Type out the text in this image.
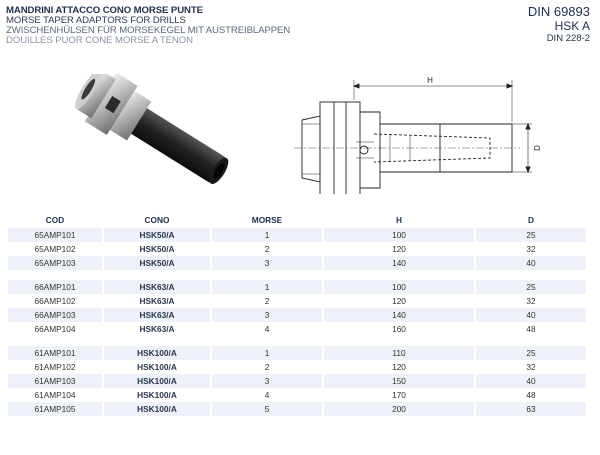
MANDRINI ATTACCO CONO MORSE PUNTE
MORSE TAPER ADAPTORS FOR DRILLS
ZWISCHENHÜLSEN FÜR MORSEKEGEL MIT AUSTREIBLAPPEN
DOUILLES PUOR CONE MORSE A TENON
DIN 69893
HSK A
DIN 228-2
H
D
COD	CONO	MORSE	H	D
65AMP101	HSK50/A	1	100	25
65AMP102	HSK50/A	2	120	32
65AMP103	HSK50/A	3	140	40

66AMP101	HSK63/A	1	100	25
66AMP102	HSK63/A	2	120	32
66AMP103	HSK63/A	3	140	40
66AMP104	HSK63/A	4	160	48

61AMP101	HSK100/A	1	110	25
61AMP102	HSK100/A	2	120	32
61AMP103	HSK100/A	3	150	40
61AMP104	HSK100/A	4	170	48
61AMP105	HSK100/A	5	200	63
